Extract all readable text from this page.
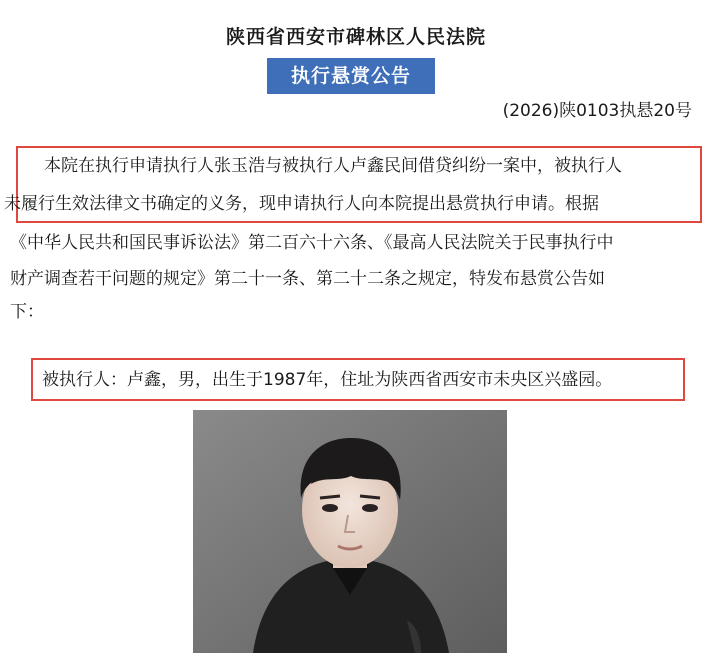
陕西省西安市碑林区人民法院
执行悬赏公告
(2026)陕0103执悬20号
　　本院在执行申请执行人张玉浩与被执行人卢鑫民间借贷纠纷一案中，被执行人
未履行生效法律文书确定的义务，现申请执行人向本院提出悬赏执行申请。根据
《中华人民共和国民事诉讼法》第二百六十六条、《最高人民法院关于民事执行中
财产调查若干问题的规定》第二十一条、第二十二条之规定，特发布悬赏公告如
下：
被执行人：卢鑫，男，出生于1987年，住址为陕西省西安市未央区兴盛园。
